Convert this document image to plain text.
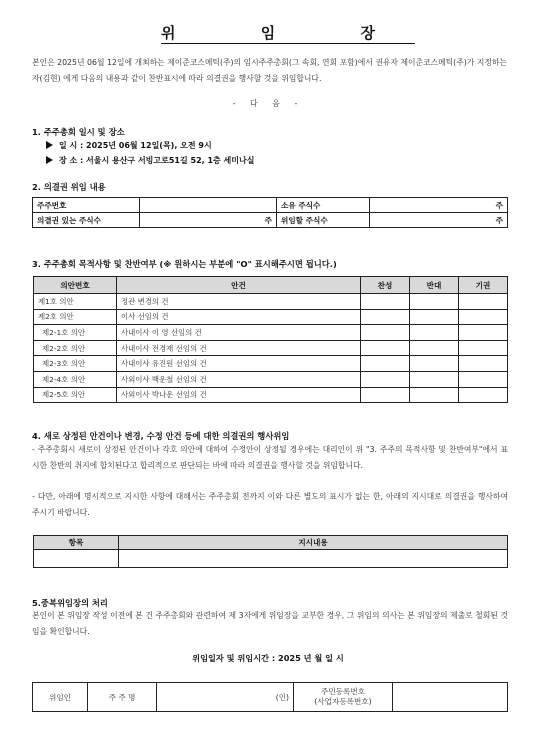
위 임 장
본인은 2025년 06월 12일에 개최하는 제이준코스메틱(주)의 임시주주총회(그 속회, 연회 포함)에서 권유자 제이준코스메틱(주)가 지정하는 자(김현) 에게 다음의 내용과 같이 찬반표시에 따라 의결권을 행사할 것을 위임합니다.
- 다 음 -
1. 주주총회 일시 및 장소
일 시 : 2025년 06월 12일(목), 오전 9시
장 소 : 서울시 용산구 서빙고로51길 52, 1층 세미나실
2. 의결권 위임 내용
주주번호		소유 주식수	주
의결권 있는 주식수	주	위임할 주식수	주
3. 주주총회 목적사항 및 찬반여부 (※ 원하시는 부분에 "O" 표시해주시면 됩니다.)
의안번호	안건	찬성	반대	기권
제1호 의안	정관 변경의 건			
제2호 의안	이사 선임의 건			
제2-1호 의안	사내이사 이 영 선임의 건			
제2-2호 의안	사내이사 전경재 선임의 건			
제2-3호 의안	사내이사 유진원 선임의 건			
제2-4호 의안	사외이사 백운철 선임의 건			
제2-5호 의안	사외이사 박나운 선임의 건			
4. 새로 상정된 안건이나 변경, 수정 안건 등에 대한 의결권의 행사위임
- 주주총회시 새로이 상정된 안건이나 각호 의안에 대하여 수정안이 상정될 경우에는 대리인이 위 "3. 주주의 목적사항 및 찬반여부"에서 표시한 찬반의 취지에 합치된다고 합리적으로 판단되는 바에 따라 의결권을 행사할 것을 위임합니다.
- 다만, 아래에 명시적으로 지시한 사항에 대해서는 주주총회 전까지 이와 다른 별도의 표시가 없는 한, 아래의 지시대로 의결권을 행사하여 주시기 바랍니다.
항목	지시내용

5.중복위임장의 처리
본인이 본 위임장 작성 이전에 본 건 주주총회와 관련하여 제 3자에게 위임장을 교부한 경우, 그 위임의 의사는 본 위임장의 제출로 철회된 것임을 확인합니다.
위임일자 및 위임시간 : 2025 년 월 일 시
위임인	주 주 명	(인)	주민등록번호
(사업자등록번호)	
